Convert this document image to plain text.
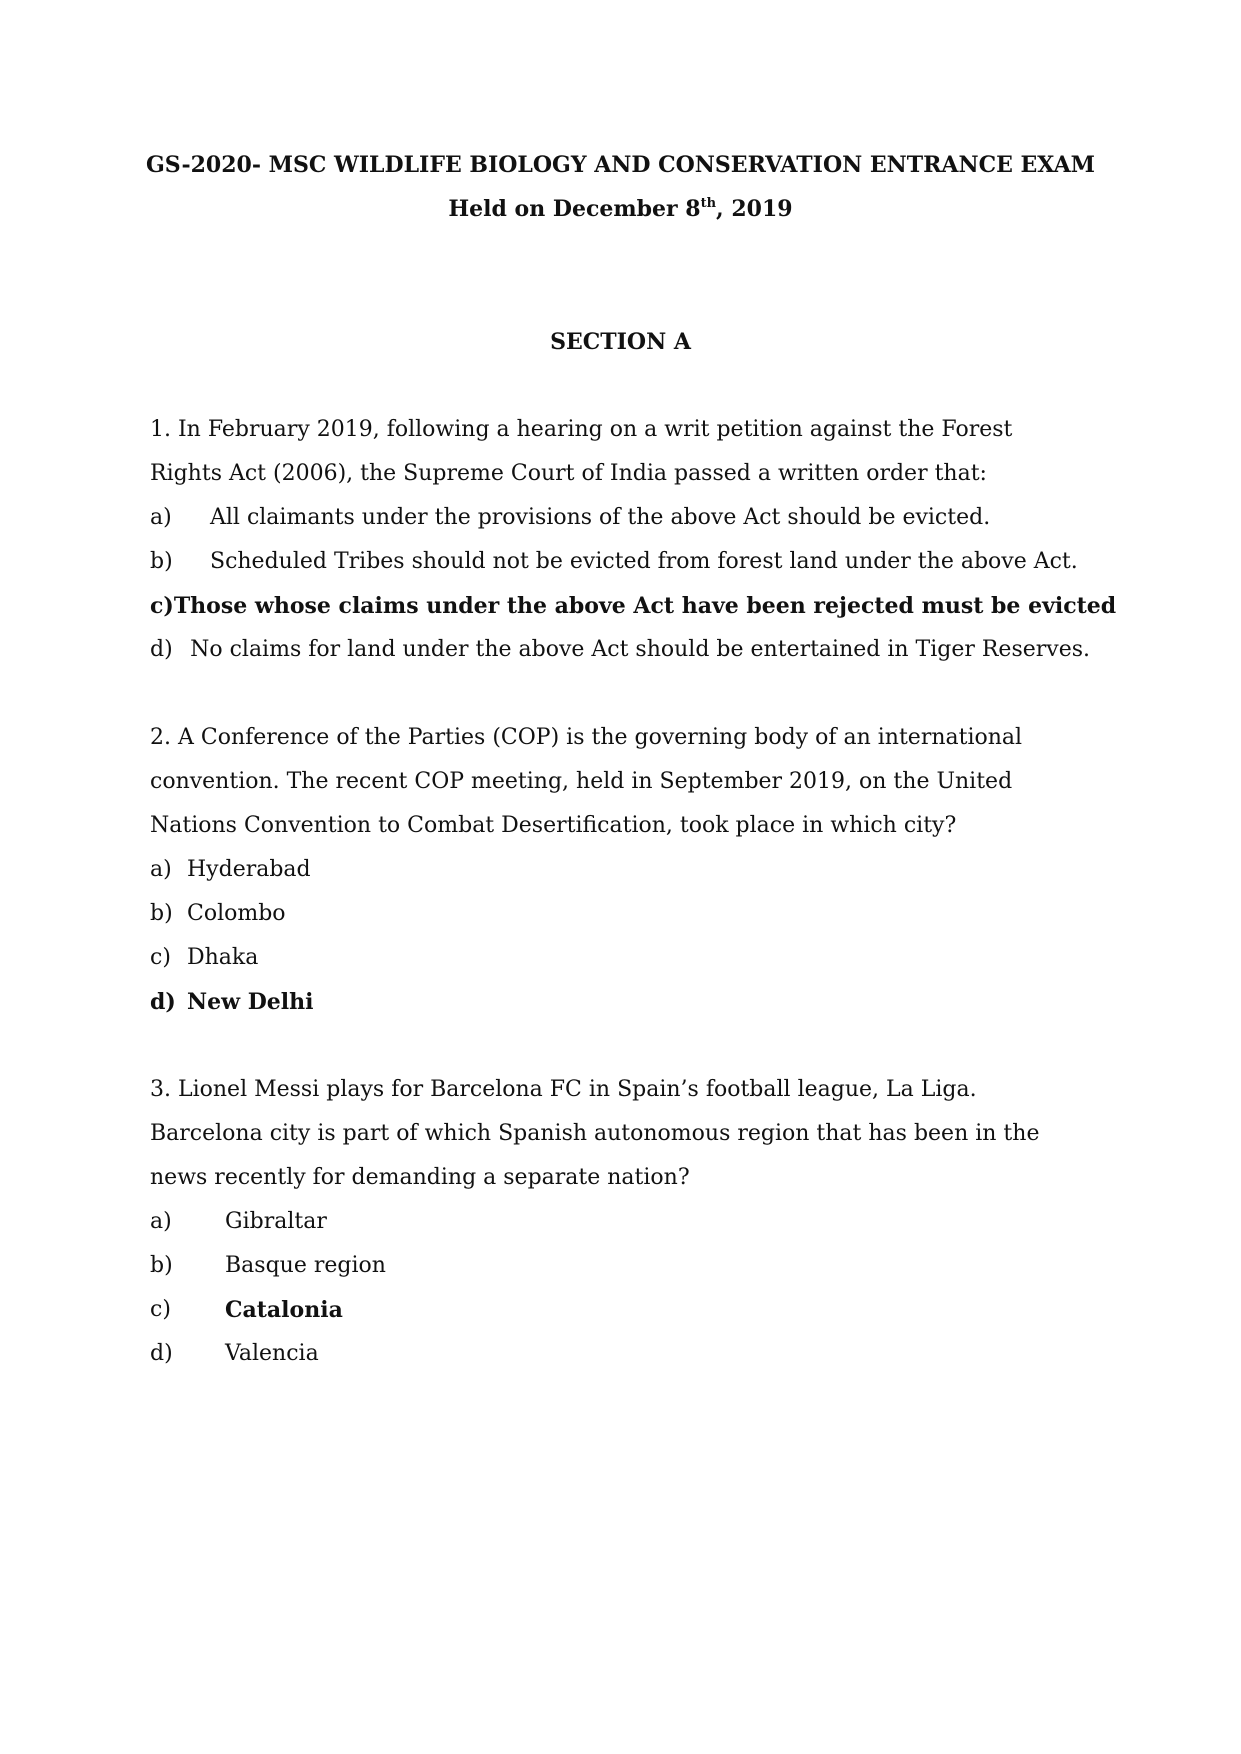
GS-2020- MSC WILDLIFE BIOLOGY AND CONSERVATION ENTRANCE EXAM
Held on December 8th, 2019
SECTION A

1. In February 2019, following a hearing on a writ petition against the Forest Rights Act (2006), the Supreme Court of India passed a written order that:

a)	All claimants under the provisions of the above Act should be evicted.

b)	Scheduled Tribes should not be evicted from forest land under the above Act.

c) Those whose claims under the above Act have been rejected must be evicted

d) No claims for land under the above Act should be entertained in Tiger Reserves.

2. A Conference of the Parties (COP) is the governing body of an international convention. The recent COP meeting, held in September 2019, on the United Nations Convention to Combat Desertification, took place in which city?

a) Hyderabad

b) Colombo

c) Dhaka

d) New Delhi

3. Lionel Messi plays for Barcelona FC in Spain’s football league, La Liga. Barcelona city is part of which Spanish autonomous region that has been in the news recently for demanding a separate nation?

a)	Gibraltar

b)	Basque region

c)	Catalonia

d)	Valencia
